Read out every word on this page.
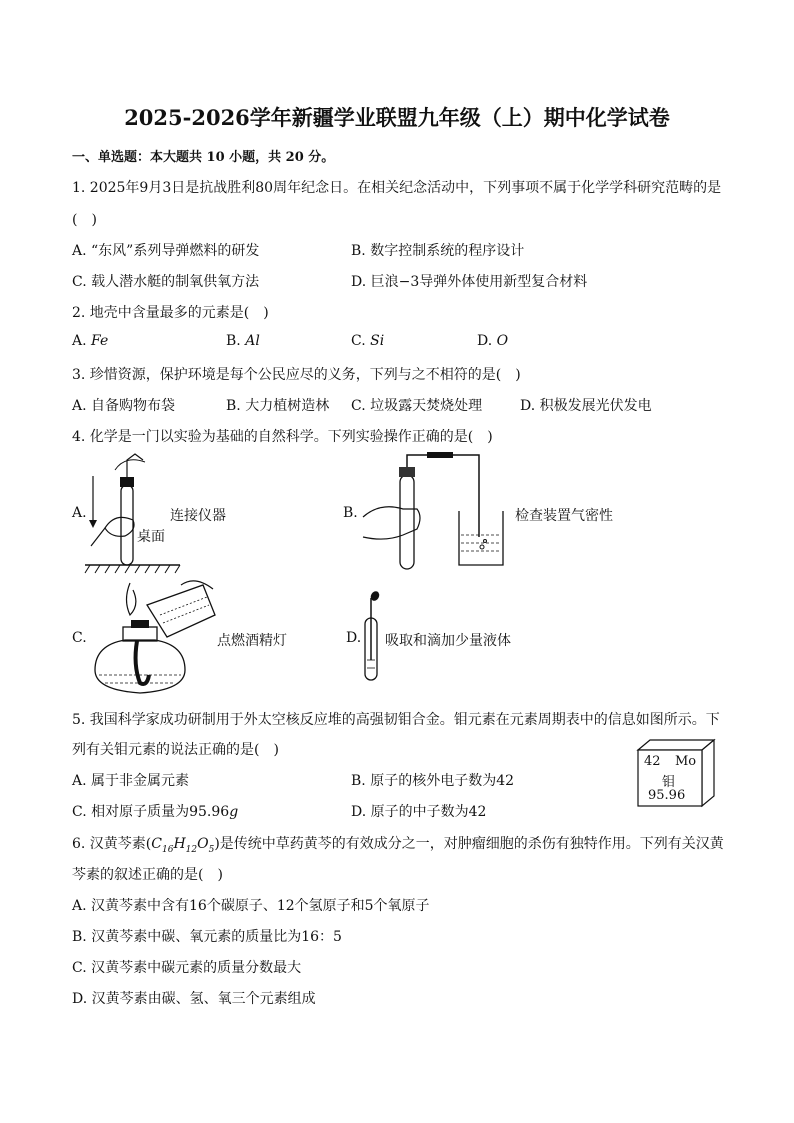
2025-2026学年新疆学业联盟九年级（上）期中化学试卷
一、单选题：本大题共 10 小题，共 20 分。
1. 2025年9月3日是抗战胜利80周年纪念日。在相关纪念活动中，下列事项不属于化学学科研究范畴的是
(　)
A. “东风”系列导弹燃料的研发	B. 数字控制系统的程序设计
C. 载人潜水艇的制氧供氧方法	D. 巨浪−3导弹外体使用新型复合材料
2. 地壳中含量最多的元素是(　)
A. Fe	B. Al	C. Si	D. O
3. 珍惜资源，保护环境是每个公民应尽的义务，下列与之不相符的是(　)
A. 自备购物布袋	B. 大力植树造林 C. 垃圾露天焚烧处理	D. 积极发展光伏发电
4. 化学是一门以实验为基础的自然科学。下列实验操作正确的是(　)
A.
桌面
连接仪器	B.	检查装置气密性
C.	点燃酒精灯	D. 吸取和滴加少量液体
5. 我国科学家成功研制用于外太空核反应堆的高强韧钼合金。钼元素在元素周期表中的信息如图所示。下
列有关钼元素的说法正确的是(　)
A. 属于非金属元素	B. 原子的核外电子数为42
C. 相对原子质量为95.96g	D. 原子的中子数为42
42 Mo
钼
95.96
6. 汉黄芩素$(C_{16}H_{12}O_5)$是传统中草药黄芩的有效成分之一，对肿瘤细胞的杀伤有独特作用。下列有关汉黄
芩素的叙述正确的是(　)
A. 汉黄芩素中含有16个碳原子、12个氢原子和5个氧原子
B. 汉黄芩素中碳、氧元素的质量比为16：5
C. 汉黄芩素中碳元素的质量分数最大
D. 汉黄芩素由碳、氢、氧三个元素组成
